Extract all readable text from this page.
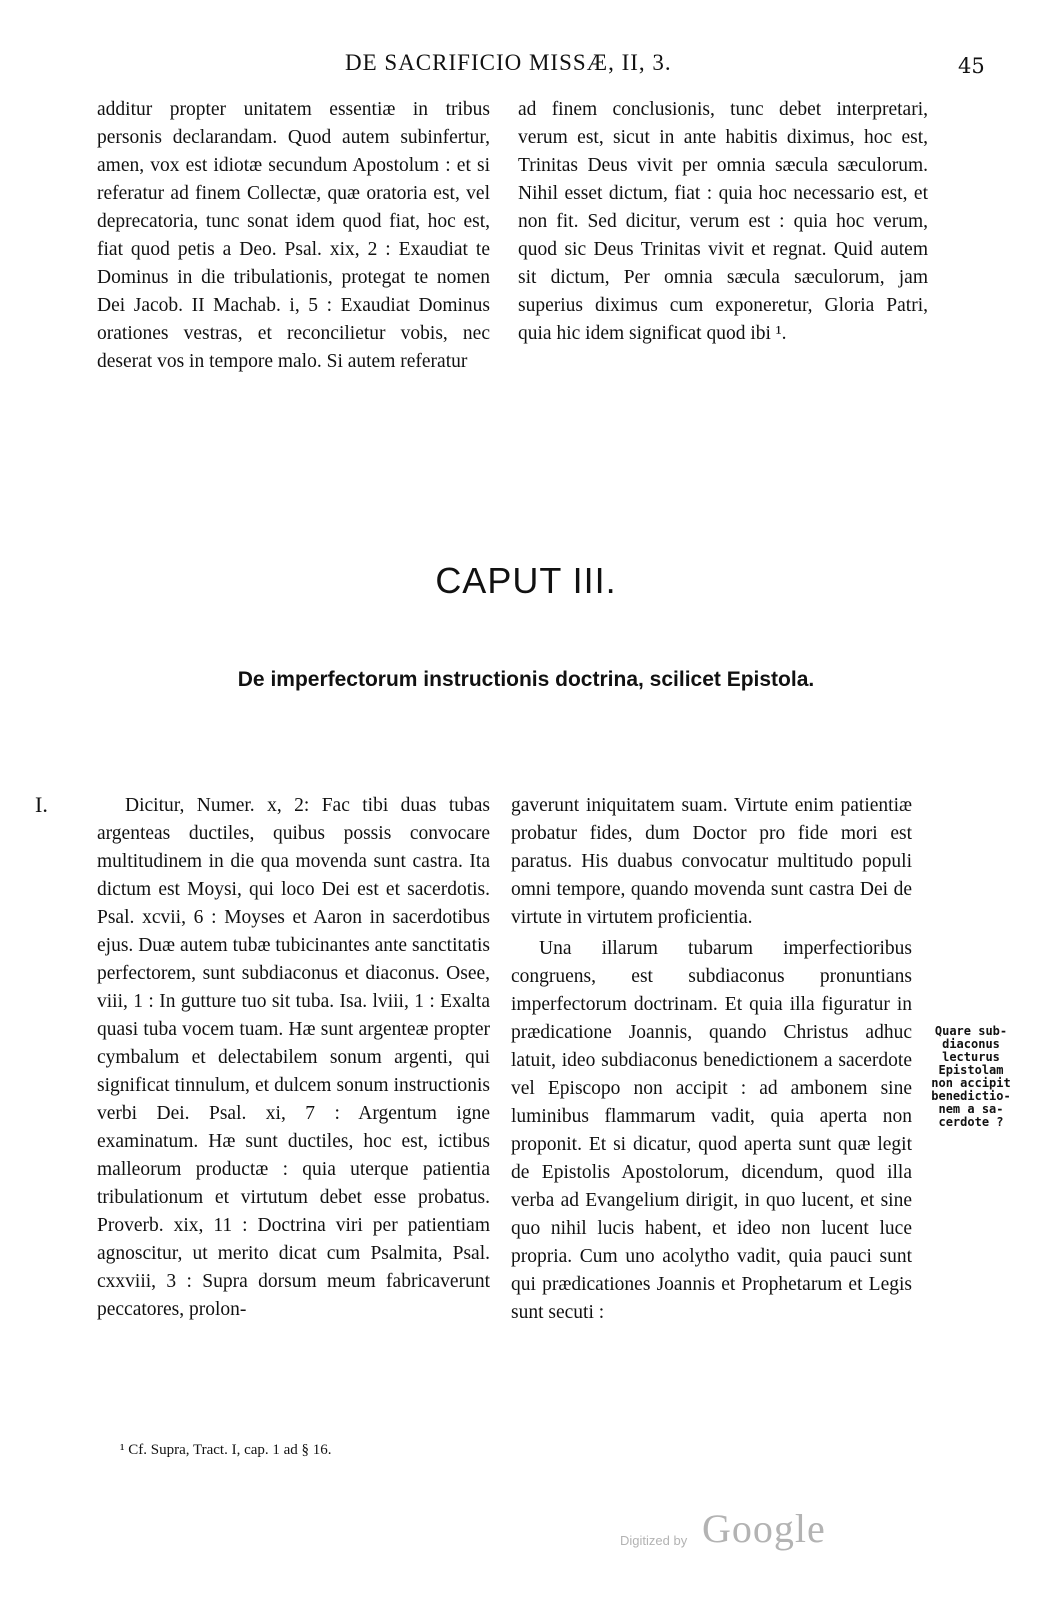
DE SACRIFICIO MISSÆ, II, 3.	45

additur propter unitatem essentiæ in tribus personis declarandam. Quod autem subinfertur, amen, vox est idiotæ secundum Apostolum : et si referatur ad finem Collectæ, quæ oratoria est, vel deprecatoria, tunc sonat idem quod fiat, hoc est, fiat quod petis a Deo. Psal. xix, 2 : Exaudiat te Dominus in die tribulationis, protegat te nomen Dei Jacob. II Machab. i, 5 : Exaudiat Dominus orationes vestras, et reconcilietur vobis, nec deserat vos in tempore malo. Si autem referatur

ad finem conclusionis, tunc debet interpretari, verum est, sicut in ante habitis diximus, hoc est, Trinitas Deus vivit per omnia sæcula sæculorum. Nihil esset dictum, fiat : quia hoc necessario est, et non fit. Sed dicitur, verum est : quia hoc verum, quod sic Deus Trinitas vivit et regnat. Quid autem sit dictum, Per omnia sæcula sæculorum, jam superius diximus cum exponeretur, Gloria Patri, quia hic idem significat quod ibi ¹.

CAPUT III.
De imperfectorum instructionis doctrina, scilicet Epistola.
I.	Dicitur, Numer. x, 2: Fac tibi duas tubas argenteas ductiles, quibus possis convocare multitudinem in die qua movenda sunt castra. Ita dictum est Moysi, qui loco Dei est et sacerdotis. Psal. xcvii, 6 : Moyses et Aaron in sacerdotibus ejus. Duæ autem tubæ tubicinantes ante sanctitatis perfectorem, sunt subdiaconus et diaconus. Osee, viii, 1 : In gutture tuo sit tuba. Isa. lviii, 1 : Exalta quasi tuba vocem tuam. Hæ sunt argenteæ propter cymbalum et delectabilem sonum argenti, qui significat tinnulum, et dulcem sonum instructionis verbi Dei. Psal. xi, 7 : Argentum igne examinatum. Hæ sunt ductiles, hoc est, ictibus malleorum productæ : quia uterque patientia tribulationum et virtutum debet esse probatus. Proverb. xix, 11 : Doctrina viri per patientiam agnoscitur, ut merito dicat cum Psalmita, Psal. cxxviii, 3 : Supra dorsum meum fabricaverunt peccatores, prolon-

gaverunt iniquitatem suam. Virtute enim patientiæ probatur fides, dum Doctor pro fide mori est paratus. His duabus convocatur multitudo populi omni tempore, quando movenda sunt castra Dei de virtute in virtutem proficientia.

Una illarum tubarum imperfectioribus congruens, est subdiaconus pronuntians imperfectorum doctrinam. Et quia illa figuratur in prædicatione Joannis, quando Christus adhuc latuit, ideo subdiaconus benedictionem a sacerdote vel Episcopo non accipit : ad ambonem sine luminibus flammarum vadit, quia aperta non proponit. Et si dicatur, quod aperta sunt quæ legit de Epistolis Apostolorum, dicendum, quod illa verba ad Evangelium dirigit, in quo lucent, et sine quo nihil lucis habent, et ideo non lucent luce propria. Cum uno acolytho vadit, quia pauci sunt qui prædicationes Joannis et Prophetarum et Legis sunt secuti :

Quare sub-
diaconus
lecturus
Epistolam
non accipit
benedictio-
nem a sa-
cerdote ?
¹ Cf. Supra, Tract. I, cap. 1 ad § 16.
Digitized by Google
